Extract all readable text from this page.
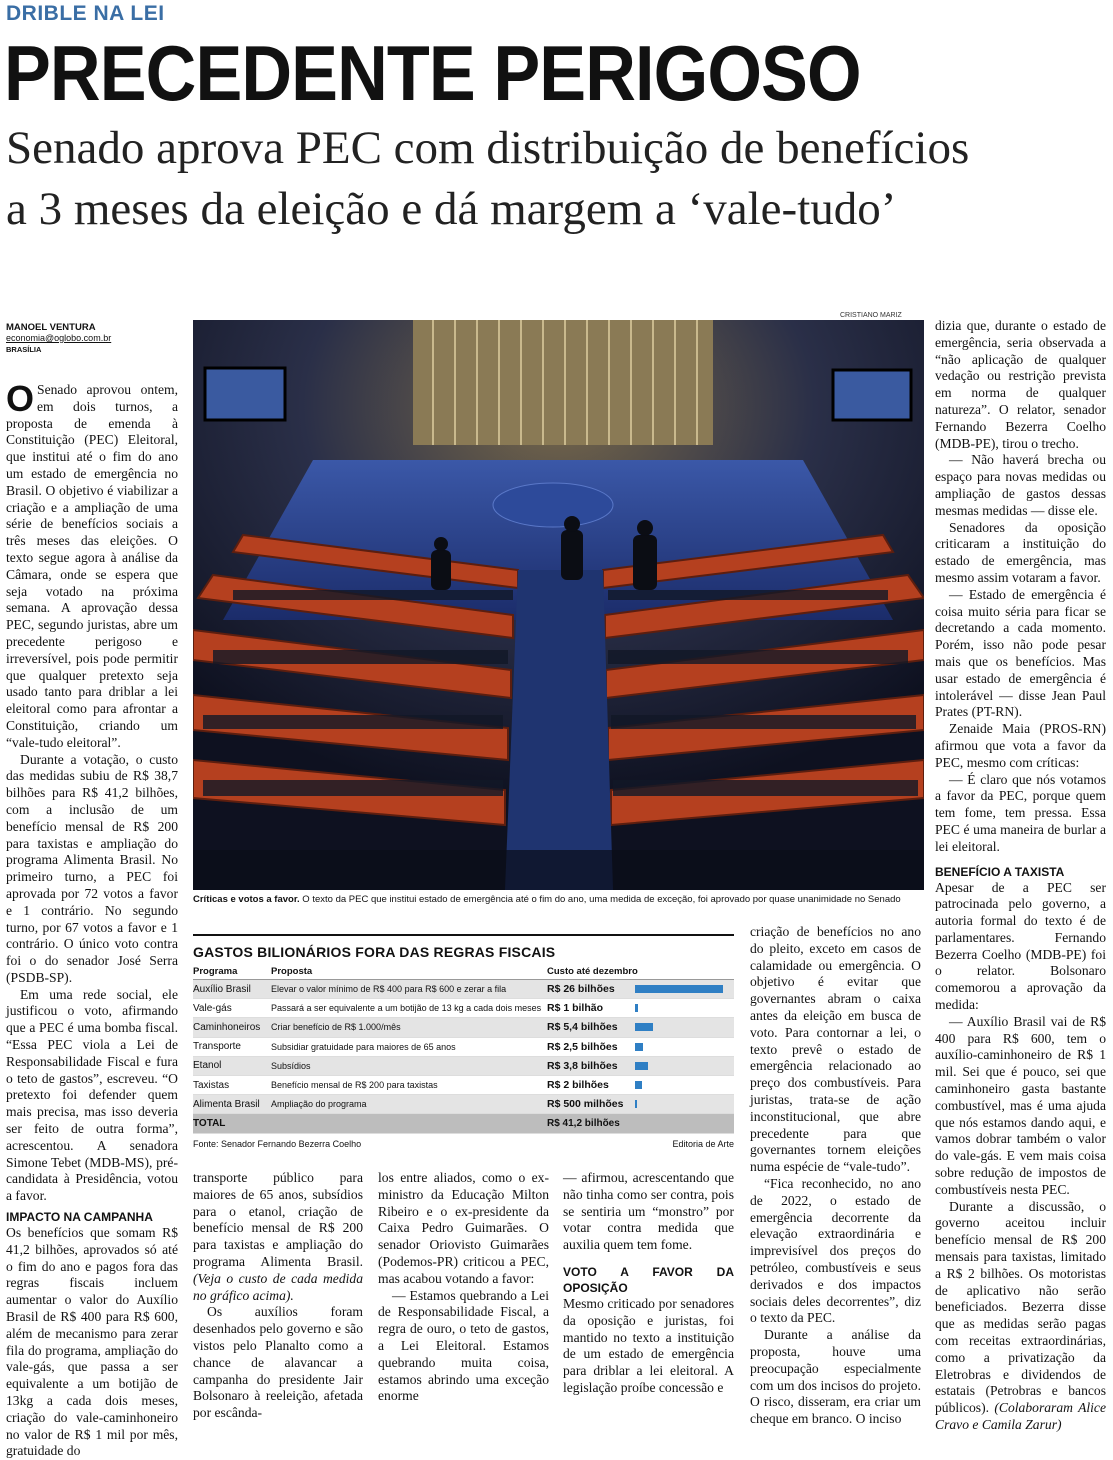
DRIBLE NA LEI
PRECEDENTE PERIGOSO
Senado aprova PEC com distribuição de benefícios
a 3 meses da eleição e dá margem a ‘vale-tudo’
MANOEL VENTURA
economia@oglobo.com.br
BRASÍLIA

O Senado aprovou ontem, em dois turnos, a proposta de emenda à Constituição (PEC) Eleitoral, que institui até o fim do ano um estado de emergência no Brasil. O objetivo é viabilizar a criação e a ampliação de uma série de benefícios sociais a três meses das eleições. O texto segue agora à análise da Câmara, onde se espera que seja votado na próxima semana. A aprovação dessa PEC, segundo juristas, abre um precedente perigoso e irreversível, pois pode permitir que qualquer pretexto seja usado tanto para driblar a lei eleitoral como para afrontar a Constituição, criando um “vale-tudo eleitoral”.

Durante a votação, o custo das medidas subiu de R$ 38,7 bilhões para R$ 41,2 bilhões, com a inclusão de um benefício mensal de R$ 200 para taxistas e ampliação do programa Alimenta Brasil. No primeiro turno, a PEC foi aprovada por 72 votos a favor e 1 contrário. No segundo turno, por 67 votos a favor e 1 contrário. O único voto contra foi o do senador José Serra (PSDB-SP).

Em uma rede social, ele justificou o voto, afirmando que a PEC é uma bomba fiscal. “Essa PEC viola a Lei de Responsabilidade Fiscal e fura o teto de gastos”, escreveu. “O pretexto foi defender quem mais precisa, mas isso deveria ser feito de outra forma”, acrescentou. A senadora Simone Tebet (MDB-MS), pré-candidata à Presidência, votou a favor.

IMPACTO NA CAMPANHA

Os benefícios que somam R$ 41,2 bilhões, aprovados só até o fim do ano e pagos fora das regras fiscais incluem aumentar o valor do Auxílio Brasil de R$ 400 para R$ 600, além de mecanismo para zerar fila do programa, ampliação do vale-gás, que passa a ser equivalente a um botijão de 13kg a cada dois meses, criação do vale-caminhoneiro no valor de R$ 1 mil por mês, gratuidade do

CRISTIANO MARIZ
Críticas e votos a favor. O texto da PEC que institui estado de emergência até o fim do ano, uma medida de exceção, foi aprovado por quase unanimidade no Senado
GASTOS BILIONÁRIOS FORA DAS REGRAS FISCAIS
Programa	Proposta	Custo até dezembro	
Auxílio Brasil	Elevar o valor mínimo de R$ 400 para R$ 600 e zerar a fila	R$ 26 bilhões	

Vale-gás	Passará a ser equivalente a um botijão de 13 kg a cada dois meses	R$ 1 bilhão	

Caminhoneiros	Criar benefício de R$ 1.000/mês	R$ 5,4 bilhões	

Transporte	Subsidiar gratuidade para maiores de 65 anos	R$ 2,5 bilhões	

Etanol	Subsídios	R$ 3,8 bilhões	

Taxistas	Benefício mensal de R$ 200 para taxistas	R$ 2 bilhões	

Alimenta Brasil	Ampliação do programa	R$ 500 milhões	

TOTAL		R$ 41,2 bilhões	
Fonte: Senador Fernando Bezerra Coelho	Editoria de Arte

transporte público para maiores de 65 anos, subsídios para o etanol, criação de benefício mensal de R$ 200 para taxistas e ampliação do programa Alimenta Brasil. (Veja o custo de cada medida no gráfico acima).

Os auxílios foram desenhados pelo governo e são vistos pelo Planalto como a chance de alavancar a campanha do presidente Jair Bolsonaro à reeleição, afetada por escânda-

los entre aliados, como o ex-ministro da Educação Milton Ribeiro e o ex-presidente da Caixa Pedro Guimarães. O senador Oriovisto Guimarães (Podemos-PR) criticou a PEC, mas acabou votando a favor:

— Estamos quebrando a Lei de Responsabilidade Fiscal, a regra de ouro, o teto de gastos, a Lei Eleitoral. Estamos quebrando muita coisa, estamos abrindo uma exceção enorme

— afirmou, acrescentando que não tinha como ser contra, pois se sentiria um “monstro” por votar contra medida que auxilia quem tem fome.

VOTO A FAVOR DA OPOSIÇÃO

Mesmo criticado por senadores da oposição e juristas, foi mantido no texto a instituição de um estado de emergência para driblar a lei eleitoral. A legislação proíbe concessão e

criação de benefícios no ano do pleito, exceto em casos de calamidade ou emergência. O objetivo é evitar que governantes abram o caixa antes da eleição em busca de voto. Para contornar a lei, o texto prevê o estado de emergência relacionado ao preço dos combustíveis. Para juristas, trata-se de ação inconstitucional, que abre precedente para que governantes tornem eleições numa espécie de “vale-tudo”.

“Fica reconhecido, no ano de 2022, o estado de emergência decorrente da elevação extraordinária e imprevisível dos preços do petróleo, combustíveis e seus derivados e dos impactos sociais deles decorrentes”, diz o texto da PEC.

Durante a análise da proposta, houve uma preocupação especialmente com um dos incisos do projeto. O risco, disseram, era criar um cheque em branco. O inciso

dizia que, durante o estado de emergência, seria observada a “não aplicação de qualquer vedação ou restrição prevista em norma de qualquer natureza”. O relator, senador Fernando Bezerra Coelho (MDB-PE), tirou o trecho.

— Não haverá brecha ou espaço para novas medidas ou ampliação de gastos dessas mesmas medidas — disse ele.

Senadores da oposição criticaram a instituição do estado de emergência, mas mesmo assim votaram a favor.

— Estado de emergência é coisa muito séria para ficar se decretando a cada momento. Porém, isso não pode pesar mais que os benefícios. Mas usar estado de emergência é intolerável — disse Jean Paul Prates (PT-RN).

Zenaide Maia (PROS-RN) afirmou que vota a favor da PEC, mesmo com críticas:

— É claro que nós votamos a favor da PEC, porque quem tem fome, tem pressa. Essa PEC é uma maneira de burlar a lei eleitoral.

BENEFÍCIO A TAXISTA

Apesar de a PEC ser patrocinada pelo governo, a autoria formal do texto é de parlamentares. Fernando Bezerra Coelho (MDB-PE) foi o relator. Bolsonaro comemorou a aprovação da medida:

— Auxílio Brasil vai de R$ 400 para R$ 600, tem o auxílio-caminhoneiro de R$ 1 mil. Sei que é pouco, sei que caminhoneiro gasta bastante combustível, mas é uma ajuda que nós estamos dando aqui, e vamos dobrar também o valor do vale-gás. E vem mais coisa sobre redução de impostos de combustíveis nesta PEC.

Durante a discussão, o governo aceitou incluir benefício mensal de R$ 200 mensais para taxistas, limitado a R$ 2 bilhões. Os motoristas de aplicativo não serão beneficiados. Bezerra disse que as medidas serão pagas com receitas extraordinárias, como a privatização da Eletrobras e dividendos de estatais (Petrobras e bancos públicos). (Colaboraram Alice Cravo e Camila Zarur)
